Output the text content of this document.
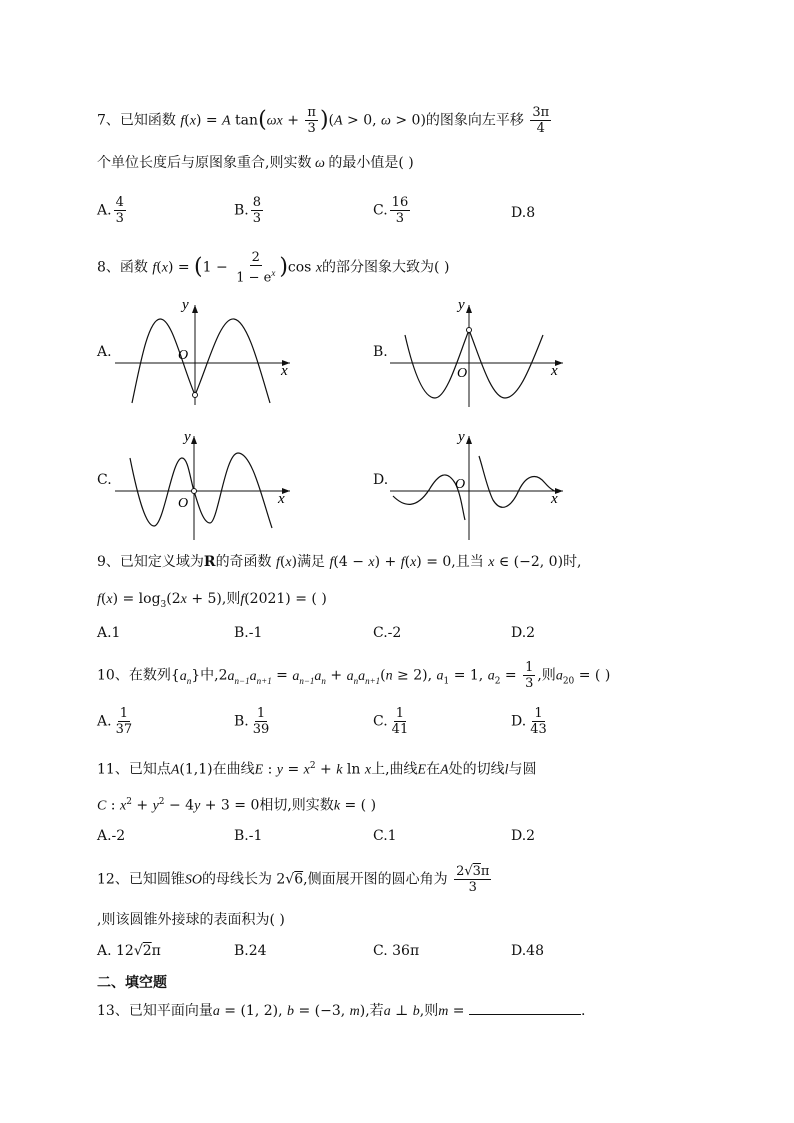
7、已知函数 f(x) = A $\tan(\omega x + \frac{\pi}{3} )(A > 0$, ω > 0)的图象向左平移 $\frac{3\pi}{4}$
个单位长度后与原图象重合,则实数 ω 的最小值是( )
A. $\frac{4}{3}$	B. $\frac{8}{3}$	C. $\frac{16}{3}$	D.8
8、函数 $f(x) = (1 - \frac{2}{1 - e^x} )\cos$ x的部分图象大致为( )
A.	O
x
y
B.
O	x
y
C.
O	x
y
D.	O
x
y
9、已知定义域为R的奇函数 f(x)满足 f(4 − x) + f(x) = 0,且当 x ∈ (−2, 0)时,
$f(x) = \log_3(2x + 5)$,则f(2021) = ( )
A.1	B.-1	C.-2	D.2
10、在数列$\{a_n\}$中$,2a_{n-1}a_{n+1} = a_{n-1}a_n + a_na_{n+1}(n \ge 2)$, $a_1 = 1$, $a_2 = \frac{1}{3}$ ,则$a_{20}$ = ( )
A. $\frac{1}{37}$	B. $\frac{1}{39}$	C. $\frac{1}{41}$	D. $\frac{1}{43}$
11、已知点A(1,1)在曲线E : $y = x^2 + k$ ln x上,曲线E在A处的切线l与圆
C : $x^2 + y^2 - 4y + 3 = 0$相切,则实数k = ( )
A.-2	B.-1	C.1	D.2
12、已知圆锥SO的母线长为 2√6,侧面展开图的圆心角为 $\frac{2√3\pi}{3}$
,则该圆锥外接球的表面积为( )
A. 12√2π	B.24	C. 36π	D.48
二、填空题
13、已知平面向量a = (1, 2), b = (−3, m),若a ⊥ b,则m =	.
